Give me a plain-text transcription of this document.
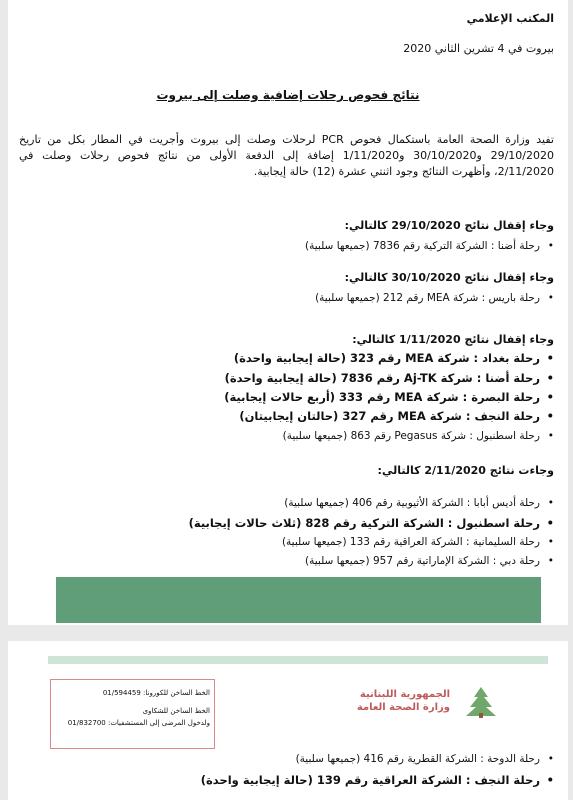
المكتب الإعلامي
بيروت في 4 تشرين الثاني 2020
نتائج فحوص رحلات إضافية وصلت إلى بيروت
تفيد وزارة الصحة العامة باستكمال فحوص PCR لرحلات وصلت إلى بيروت وأجريت في المطار بكل من تاريخ 29/10/2020 و30/10/2020 و1/11/2020 إضافة إلى الدفعة الأولى من نتائج فحوص رحلات وصلت في 2/11/2020، وأظهرت النتائج وجود اثنتي عشرة (12) حالة إيجابية.
وجاء إقفال نتائج 29/10/2020 كالتالي:
• رحلة أضنا : الشركة التركية رقم 7836 (جميعها سلبية)
وجاء إقفال نتائج 30/10/2020 كالتالي:
• رحلة باريس : شركة MEA رقم 212 (جميعها سلبية)
وجاء إقفال نتائج 1/11/2020 كالتالي:
• رحلة بغداد : شركة MEA رقم 323 (حالة إيجابية واحدة)
• رحلة أضنا : شركة Aj-TK رقم 7836 (حالة إيجابية واحدة)
• رحلة البصرة : شركة MEA رقم 333 (أربع حالات إيجابية)
• رحلة النجف : شركة MEA رقم 327 (حالتان إيجابيتان)
• رحلة اسطنبول : شركة Pegasus رقم 863 (جميعها سلبية)
وجاءت نتائج 2/11/2020 كالتالي:
• رحلة أديس أبابا : الشركة الأثيوبية رقم 406 (جميعها سلبية)
• رحلة اسطنبول : الشركة التركية رقم 828 (ثلاث حالات إيجابية)
• رحلة السليمانية : الشركة العراقية رقم 133 (جميعها سلبية)
• رحلة دبي : الشركة الإماراتية رقم 957 (جميعها سلبية)
الخط الساخن للكورونا: 01/594459
الخط الساخن للشكاوى
ولدخول المرضى إلى المستشفيات: 01/832700
الجمهورية اللبنانية
وزارة الصحة العامة
• رحلة الدوحة : الشركة القطرية رقم 416 (جميعها سلبية)
• رحلة النجف : الشركة العراقية رقم 139 (حالة إيجابية واحدة)
